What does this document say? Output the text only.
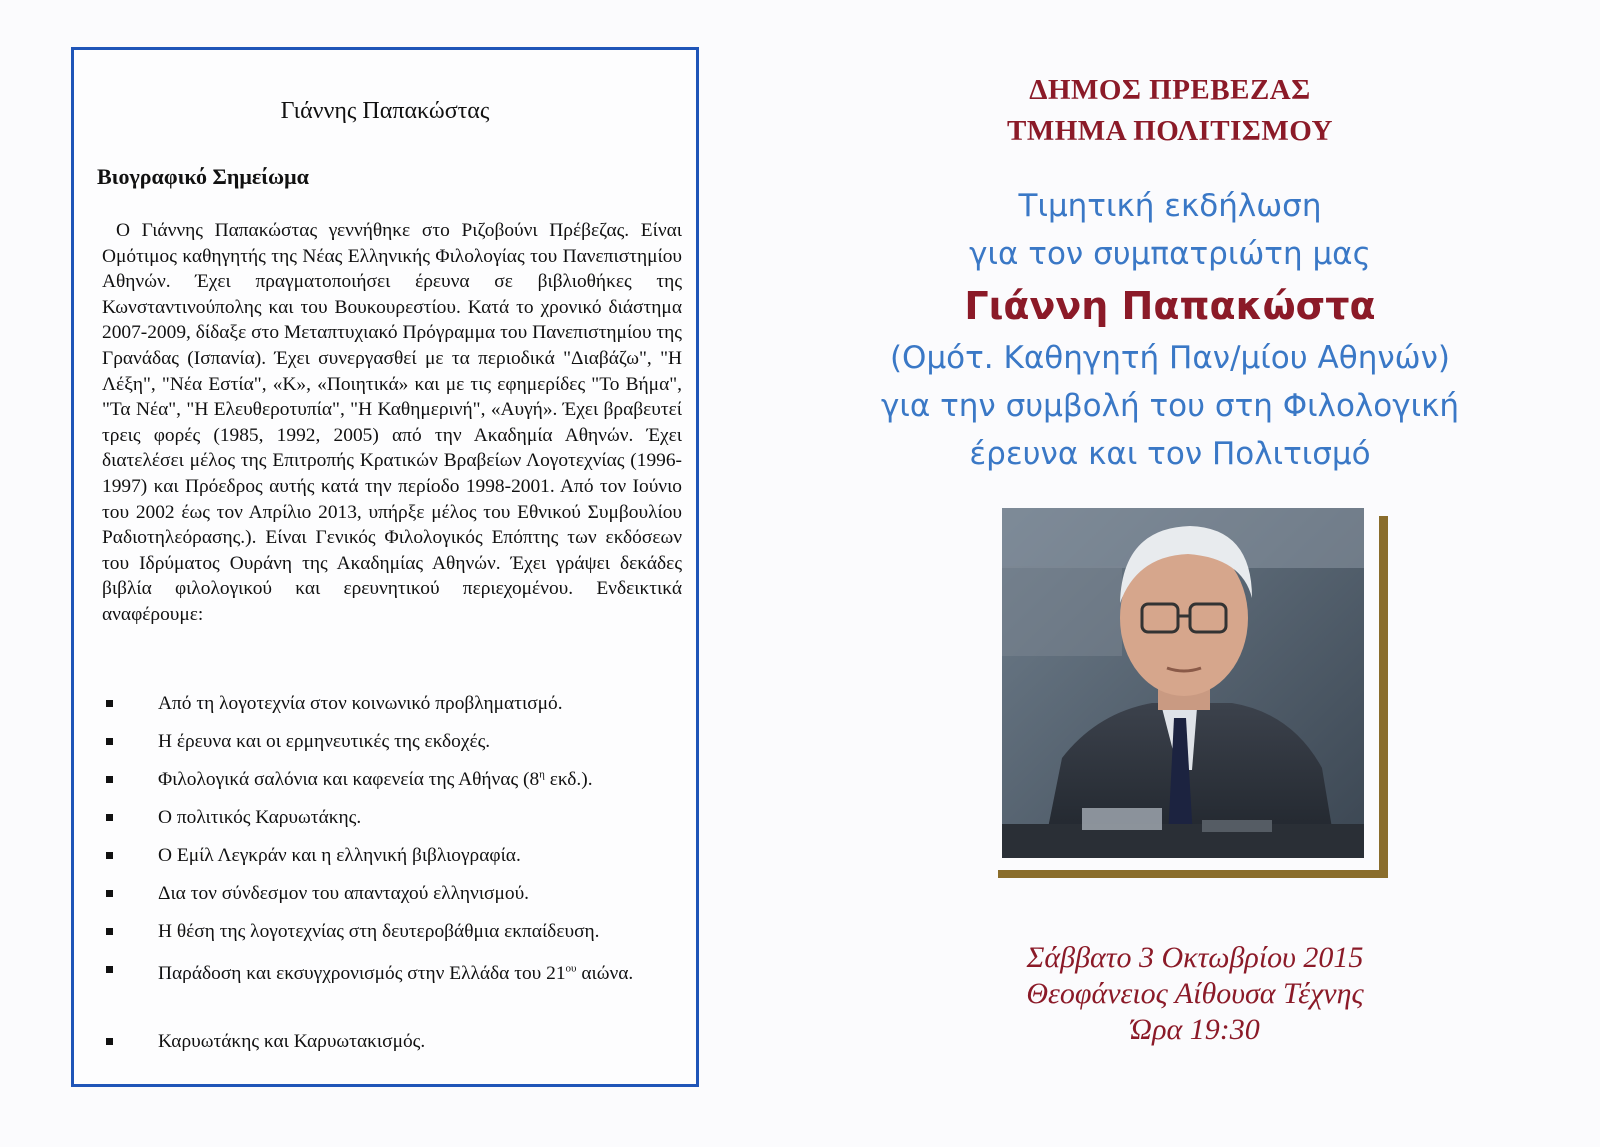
Γιάννης Παπακώστας
Βιογραφικό Σημείωμα

Ο Γιάννης Παπακώστας γεννήθηκε στο Ριζοβούνι Πρέβεζας. Είναι Ομότιμος καθηγητής της Νέας Ελληνικής Φιλολογίας του Πανεπιστημίου Αθηνών. Έχει πραγματοποιήσει έρευνα σε βιβλιοθήκες της Κωνσταντινούπολης και του Βουκουρεστίου. Κατά το χρονικό διάστημα 2007-2009, δίδαξε στο Μεταπτυχιακό Πρόγραμμα του Πανεπιστημίου της Γρανάδας (Ισπανία). Έχει συνεργασθεί με τα περιοδικά "Διαβάζω", "Η Λέξη", "Νέα Εστία", «Κ», «Ποιητικά» και με τις εφημερίδες "Το Βήμα", "Τα Νέα", "Η Ελευθεροτυπία", "Η Καθημερινή", «Αυγή». Έχει βραβευτεί τρεις φορές (1985, 1992, 2005) από την Ακαδημία Αθηνών. Έχει διατελέσει μέλος της Επιτροπής Κρατικών Βραβείων Λογοτεχνίας (1996-1997) και Πρόεδρος αυτής κατά την περίοδο 1998-2001. Από τον Ιούνιο του 2002 έως τον Απρίλιο 2013, υπήρξε μέλος του Εθνικού Συμβουλίου Ραδιοτηλεόρασης.). Είναι Γενικός Φιλολογικός Επόπτης των εκδόσεων του Ιδρύματος Ουράνη της Ακαδημίας Αθηνών. Έχει γράψει δεκάδες βιβλία φιλολογικού και ερευνητικού περιεχομένου. Ενδεικτικά αναφέρουμε:

Από τη λογοτεχνία στον κοινωνικό προβληματισμό.
Η έρευνα και οι ερμηνευτικές της εκδοχές.
Φιλολογικά σαλόνια και καφενεία της Αθήνας ($8^\eta$ εκδ.).
Ο πολιτικός Καρυωτάκης.
Ο Εμίλ Λεγκράν και η ελληνική βιβλιογραφία.
Δια τον σύνδεσμον του απανταχού ελληνισμού.
Η θέση της λογοτεχνίας στη δευτεροβάθμια εκπαίδευση.
Παράδοση και εκσυγχρονισμός στην Ελλάδα του $21^{o\upsilon}$ αιώνα.
Καρυωτάκης και Καρυωτακισμός.
ΔΗΜΟΣ ΠΡΕΒΕΖΑΣ
ΤΜΗΜΑ ΠΟΛΙΤΙΣΜΟΥ

Τιμητική εκδήλωση
για τον συμπατριώτη μας
Γιάννη Παπακώστα
(Ομότ. Καθηγητή Παν/μίου Αθηνών)
για την συμβολή του στη Φιλολογική
έρευνα και τον Πολιτισμό

Σάββατο 3 Οκτωβρίου 2015
Θεοφάνειος Αίθουσα Τέχνης
Ώρα 19:30
